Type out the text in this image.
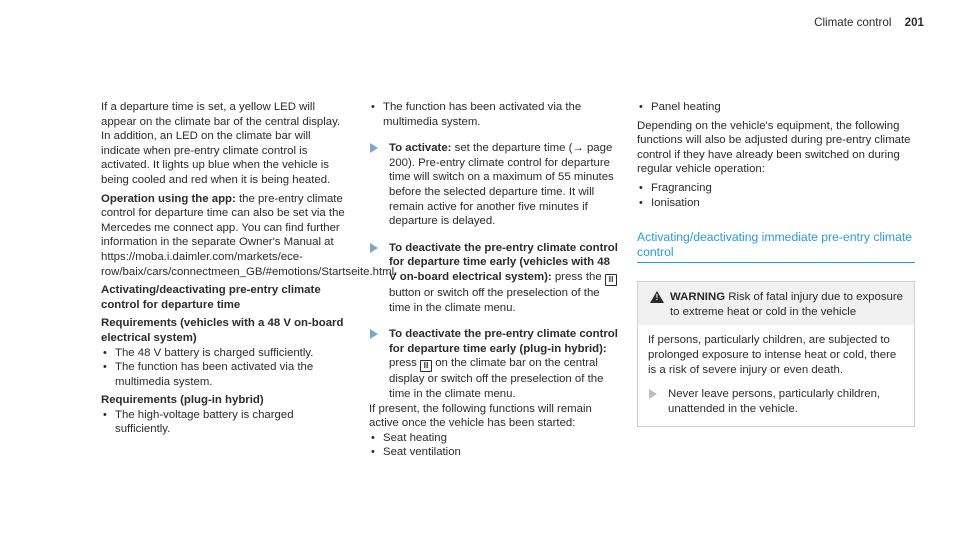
Climate control 201

If a departure time is set, a yellow LED will appear on the climate bar of the central display. In addition, an LED on the climate bar will indicate when pre-entry climate control is activated. It lights up blue when the vehicle is being cooled and red when it is being heated.

Operation using the app: the pre-entry climate control for departure time can also be set via the Mercedes me connect app. You can find further information in the separate Owner's Manual at https://moba.i.daimler.com/markets/ece-row/baix/cars/connectmeen_GB/#emotions/Startseite.html.

Activating/deactivating pre-entry climate control for departure time

Requirements (vehicles with a 48 V on-board electrical system)

• The 48 V battery is charged sufficiently.
• The function has been activated via the multimedia system.

Requirements (plug-in hybrid)

• The high-voltage battery is charged sufficiently.
• The function has been activated via the multimedia system.
To activate: set the departure time (→ page 200). Pre-entry climate control for departure time will switch on a maximum of 55 minutes before the selected departure time. It will remain active for another five minutes if departure is delayed.
To deactivate the pre-entry climate control for departure time early (vehicles with 48 V on-board electrical system): press the Ⅲ button or switch off the preselection of the time in the climate menu.
To deactivate the pre-entry climate control for departure time early (plug-in hybrid): press Ⅲ on the climate bar on the central display or switch off the preselection of the time in the climate menu.

If present, the following functions will remain active once the vehicle has been started:

• Seat heating
• Seat ventilation
• Panel heating

Depending on the vehicle's equipment, the following functions will also be adjusted during pre-entry climate control if they have already been switched on during regular vehicle operation:

• Fragrancing
• Ionisation
Activating/deactivating immediate pre-entry climate control
!	WARNING Risk of fatal injury due to exposure to extreme heat or cold in the vehicle

If persons, particularly children, are subjected to prolonged exposure to intense heat or cold, there is a risk of severe injury or even death.

Never leave persons, particularly children, unattended in the vehicle.
